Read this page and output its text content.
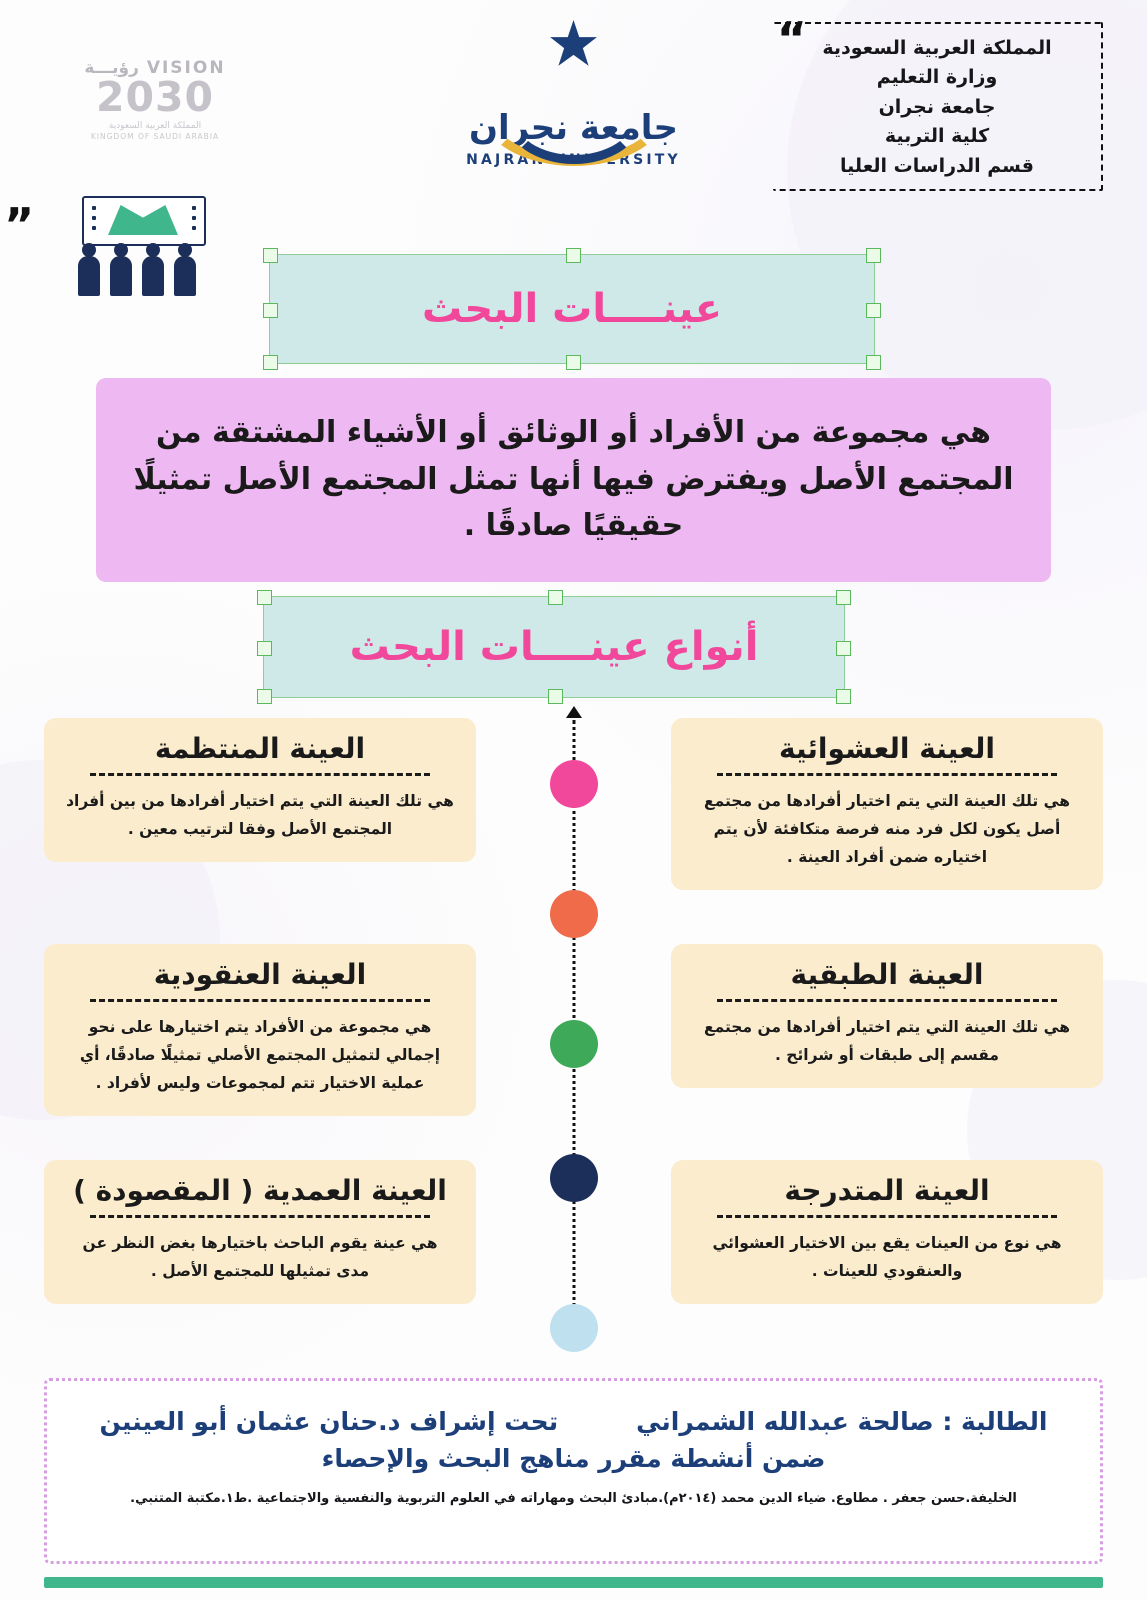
VISION رؤيـــة
2030
المملكة العربية السعودية
KINGDOM OF SAUDI ARABIA	جامعة نجران
NAJRAN UNIVERSITY
“
”
المملكة العربية السعودية
وزارة التعليم
جامعة نجران
كلية التربية
قسم الدراسات العليا
عينــــات البحث

هي مجموعة من الأفراد أو الوثائق أو الأشياء المشتقة من المجتمع الأصل ويفترض فيها أنها تمثل المجتمع الأصل تمثيلًا حقيقيًا صادقًا .

أنواع عينــــات البحث
العينة العشوائية

هي تلك العينة التي يتم اختيار أفرادها من مجتمع أصل يكون لكل فرد منه فرصة متكافئة لأن يتم اختياره ضمن أفراد العينة .

العينة المنتظمة

هي تلك العينة التي يتم اختيار أفرادها من بين أفراد المجتمع الأصل وفقا لترتيب معين .

العينة الطبقية

هي تلك العينة التي يتم اختيار أفرادها من مجتمع مقسم إلى طبقات أو شرائح .

العينة العنقودية

هي مجموعة من الأفراد يتم اختيارها على نحو إجمالي لتمثيل المجتمع الأصلي تمثيلًا صادقًا، أي عملية الاختيار تتم لمجموعات وليس لأفراد .

العينة المتدرجة

هي نوع من العينات يقع بين الاختيار العشوائي والعنقودي للعينات .

العينة العمدية ( المقصودة )

هي عينة يقوم الباحث باختيارها بغض النظر عن مدى تمثيلها للمجتمع الأصل .

الطالبة : صالحة عبدالله الشمراني
تحت إشراف د.حنان عثمان أبو العينين
ضمن أنشطة مقرر مناهج البحث والإحصاء
الخليفة.حسن جعفر . مطاوع. ضياء الدين محمد (٢٠١٤م).مبادئ البحث ومهاراته في العلوم التربوية والنفسية والاجتماعية .ط١.مكتبة المتنبي.
